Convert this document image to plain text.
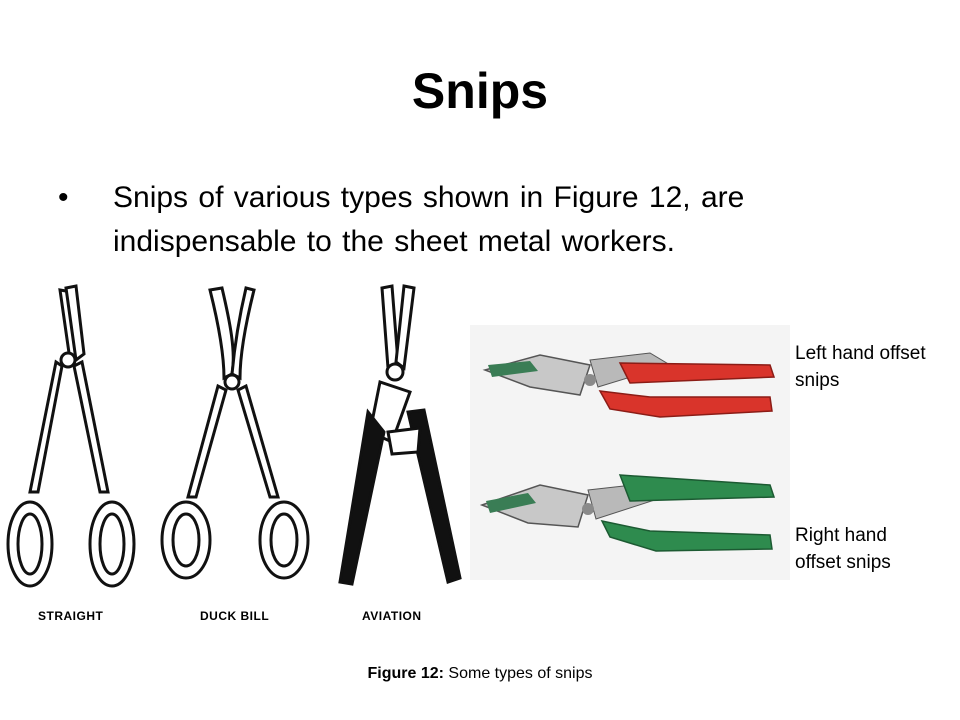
Snips
• Snips of various types shown in Figure 12, are indispensable to the sheet metal workers.
STRAIGHT	DUCK BILL	AVIATION
Left hand offset snips
Right hand offset snips
Figure 12: Some types of snips
